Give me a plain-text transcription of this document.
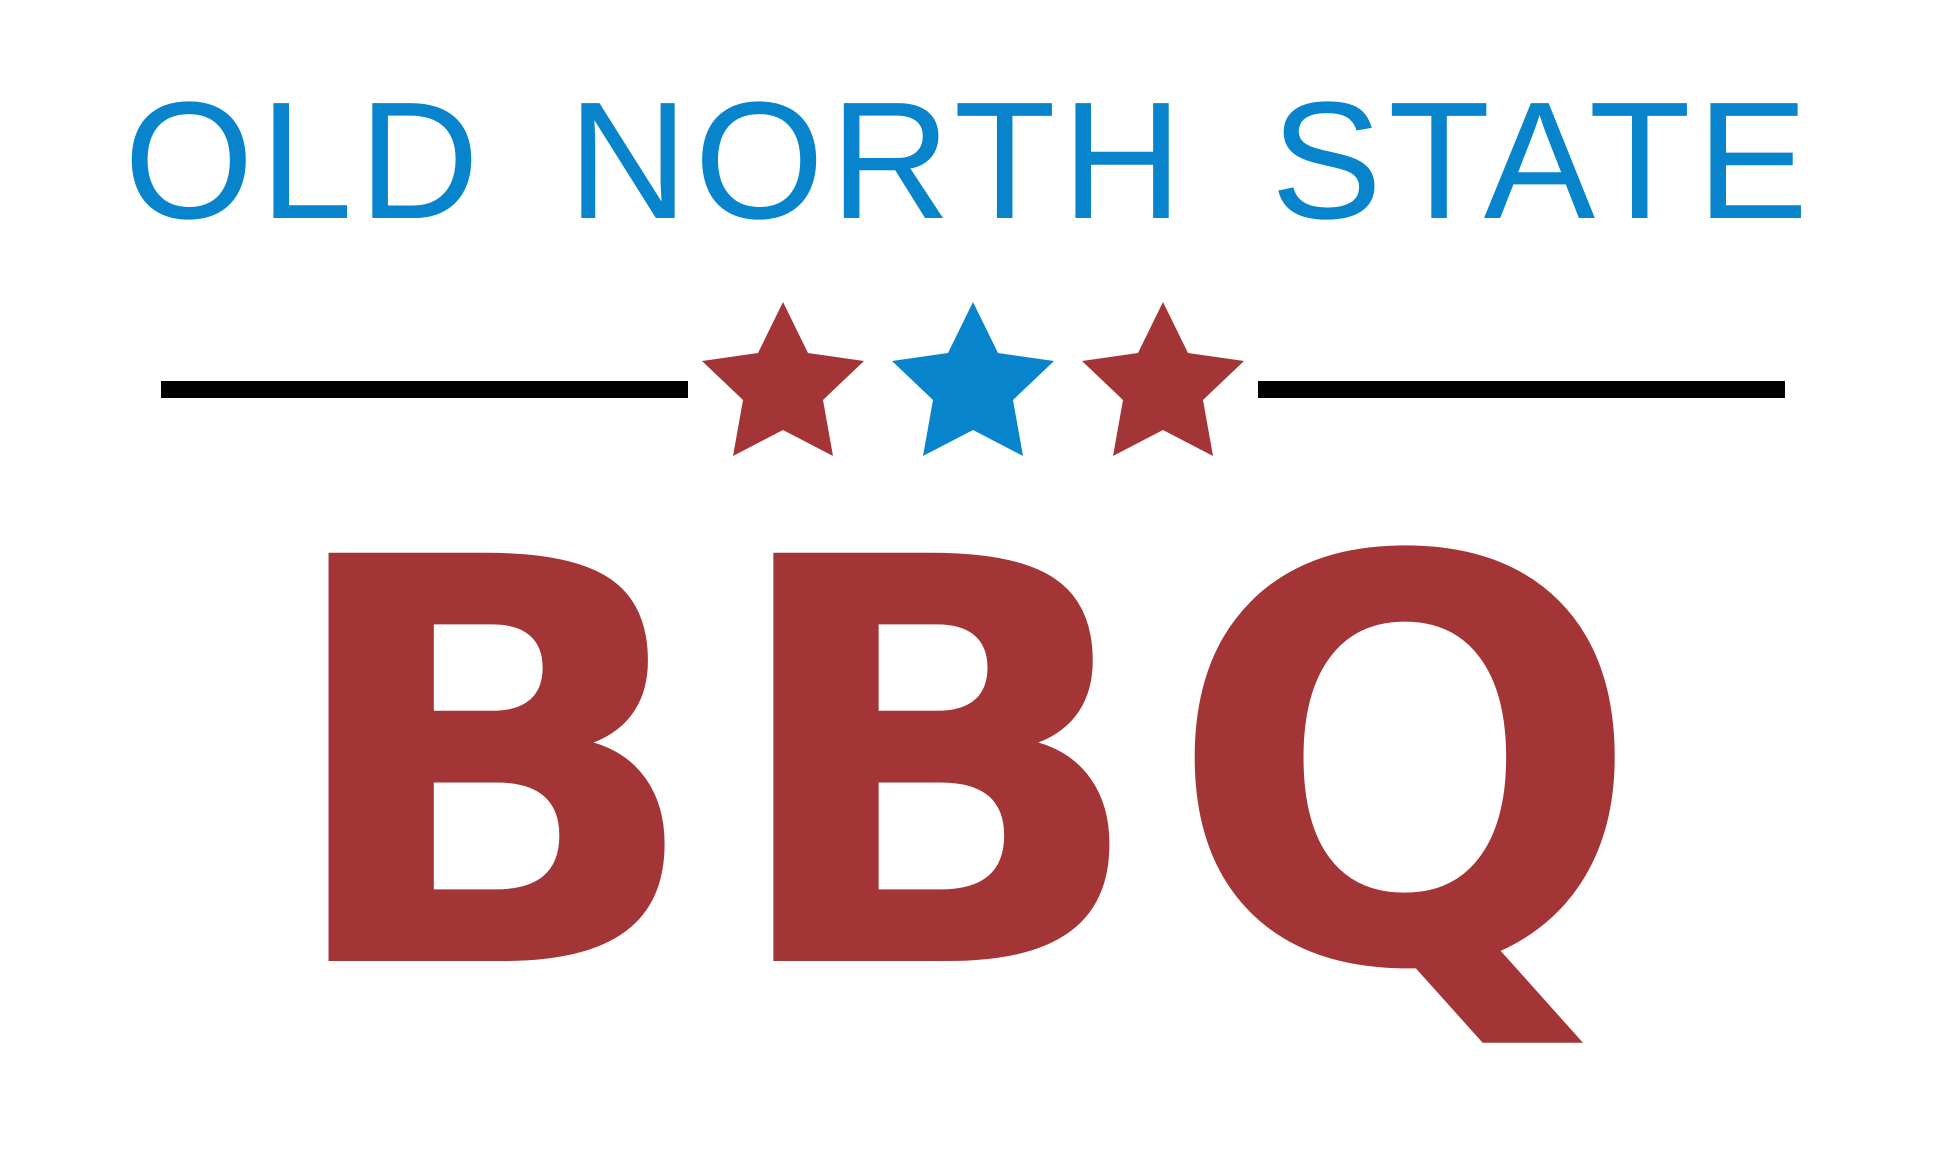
OLD NORTH STATE
BBQ
